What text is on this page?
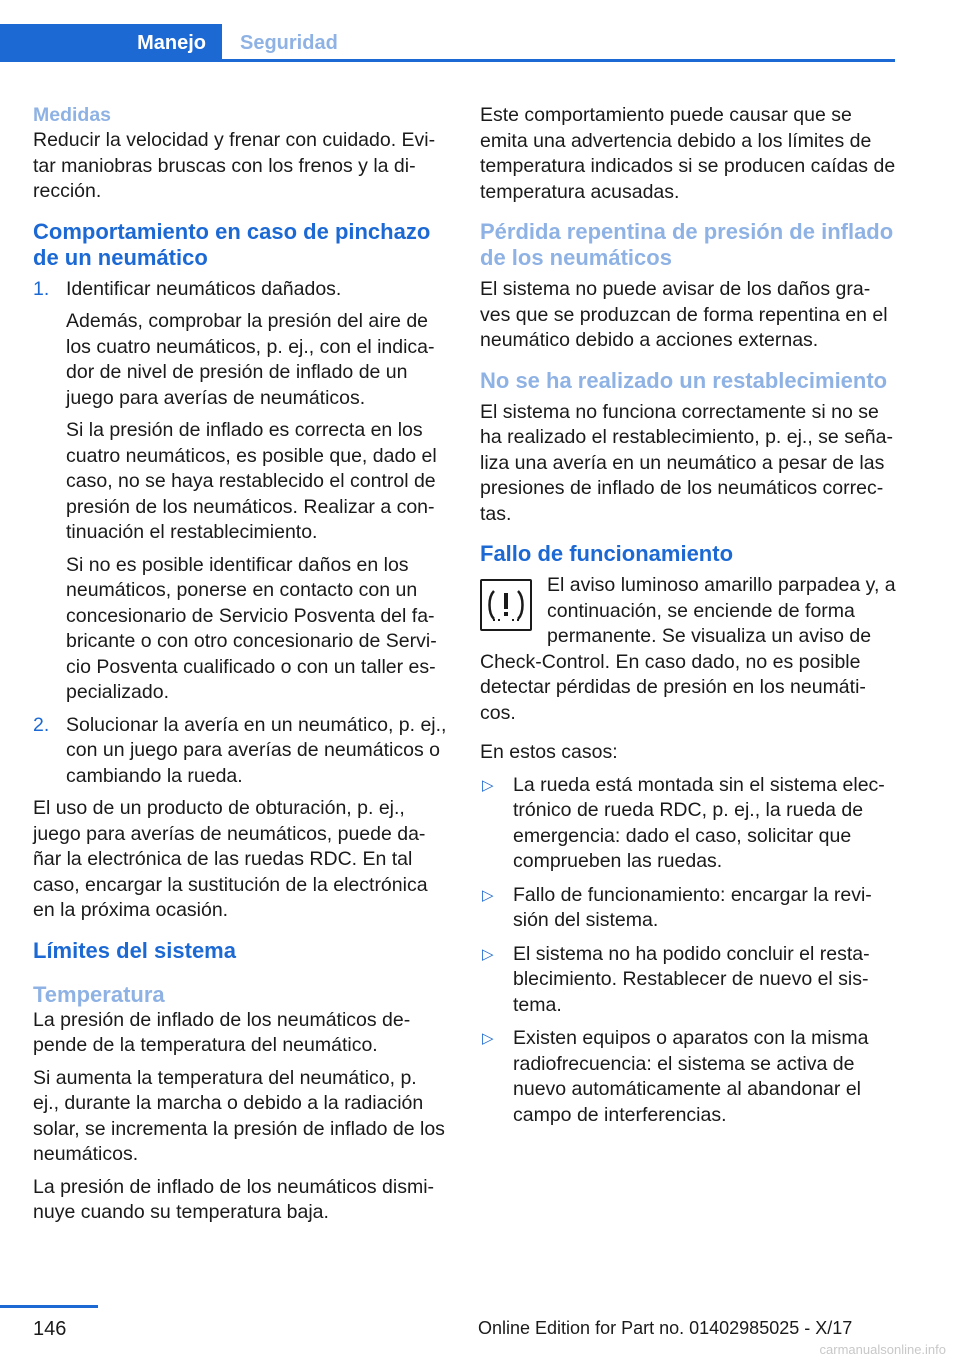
Manejo	Seguridad
Medidas

Reducir la velocidad y frenar con cuidado. Evi-tar maniobras bruscas con los frenos y la di-rección.

Comportamiento en caso de pinchazo de un neumático
1. Identificar neumáticos dañados.

Además, comprobar la presión del aire de los cuatro neumáticos, p. ej., con el indica-dor de nivel de presión de inflado de un juego para averías de neumáticos.

Si la presión de inflado es correcta en los cuatro neumáticos, es posible que, dado el caso, no se haya restablecido el control de presión de los neumáticos. Realizar a con-tinuación el restablecimiento.

Si no es posible identificar daños en los neumáticos, ponerse en contacto con un concesionario de Servicio Posventa del fa-bricante o con otro concesionario de Servi-cio Posventa cualificado o con un taller es-pecializado.

2. Solucionar la avería en un neumático, p. ej., con un juego para averías de neumáticos o cambiando la rueda.

El uso de un producto de obturación, p. ej., juego para averías de neumáticos, puede da-ñar la electrónica de las ruedas RDC. En tal caso, encargar la sustitución de la electrónica en la próxima ocasión.

Límites del sistema
Temperatura

La presión de inflado de los neumáticos de-pende de la temperatura del neumático.

Si aumenta la temperatura del neumático, p. ej., durante la marcha o debido a la radiación solar, se incrementa la presión de inflado de los neumáticos.

La presión de inflado de los neumáticos dismi-nuye cuando su temperatura baja.

Este comportamiento puede causar que se emita una advertencia debido a los límites de temperatura indicados si se producen caídas de temperatura acusadas.

Pérdida repentina de presión de inflado de los neumáticos

El sistema no puede avisar de los daños gra-ves que se produzcan de forma repentina en el neumático debido a acciones externas.

No se ha realizado un restablecimiento

El sistema no funciona correctamente si no se ha realizado el restablecimiento, p. ej., se seña-liza una avería en un neumático a pesar de las presiones de inflado de los neumáticos correc-tas.

Fallo de funcionamiento

El aviso luminoso amarillo parpadea y, a continuación, se enciende de forma permanente. Se visualiza un aviso de Check-Control. En caso dado, no es posible detectar pérdidas de presión en los neumáti-cos.

En estos casos:

▷ La rueda está montada sin el sistema elec-trónico de rueda RDC, p. ej., la rueda de emergencia: dado el caso, solicitar que comprueben las ruedas.
▷ Fallo de funcionamiento: encargar la revi-sión del sistema.
▷ El sistema no ha podido concluir el resta-blecimiento. Restablecer de nuevo el sis-tema.
▷ Existen equipos o aparatos con la misma radiofrecuencia: el sistema se activa de nuevo automáticamente al abandonar el campo de interferencias.
146	Online Edition for Part no. 01402985025 - X/17
carmanualsonline.info
